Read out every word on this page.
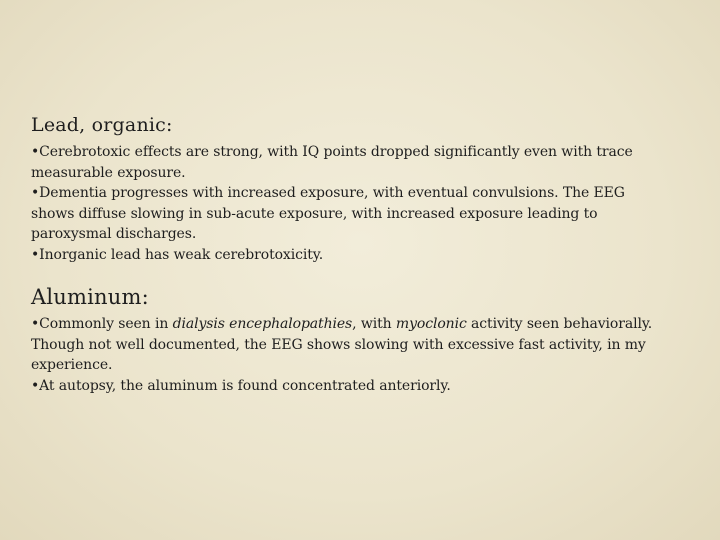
Lead, organic:

•Cerebrotoxic effects are strong, with IQ points dropped significantly even with trace measurable exposure.

•Dementia progresses with increased exposure, with eventual convulsions. The EEG shows diffuse slowing in sub-acute exposure, with increased exposure leading to paroxysmal discharges.

•Inorganic lead has weak cerebrotoxicity.

Aluminum:

•Commonly seen in dialysis encephalopathies, with myoclonic activity seen behaviorally. Though not well documented, the EEG shows slowing with excessive fast activity, in my experience.

•At autopsy, the aluminum is found concentrated anteriorly.
